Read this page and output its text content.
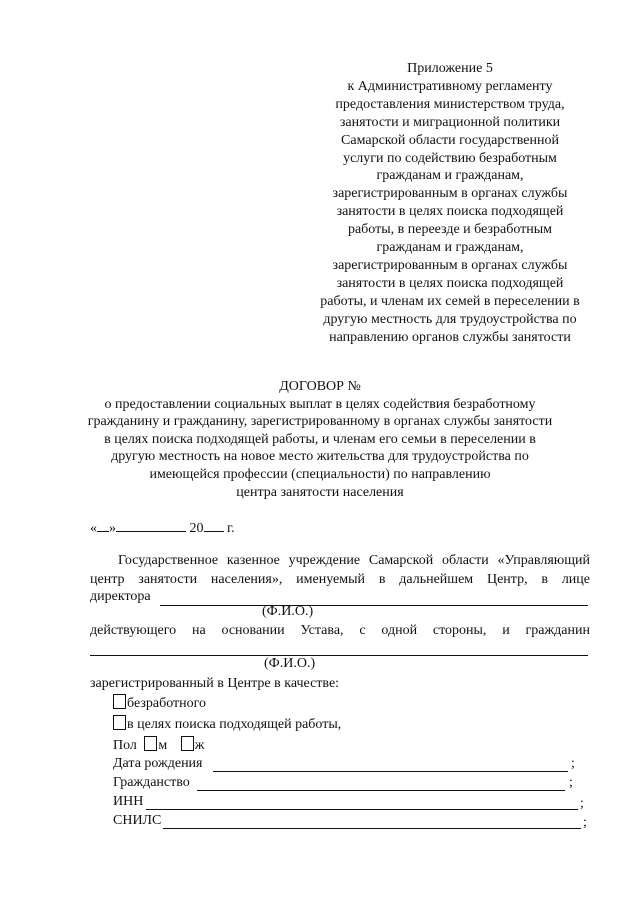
Приложение 5
к Административному регламенту
предоставления министерством труда,
занятости и миграционной политики
Самарской области государственной
услуги по содействию безработным
гражданам и гражданам,
зарегистрированным в органах службы
занятости в целях поиска подходящей
работы, в переезде и безработным
гражданам и гражданам,
зарегистрированным в органах службы
занятости в целях поиска подходящей
работы, и членам их семей в переселении в
другую местность для трудоустройства по
направлению органов службы занятости
ДОГОВОР №
о предоставлении социальных выплат в целях содействия безработному
гражданину и гражданину, зарегистрированному в органах службы занятости
в целях поиска подходящей работы, и членам его семьи в переселении в
другую местность на новое место жительства для трудоустройства по
имеющейся профессии (специальности) по направлению
центра занятости населения
« »	20 г.
Государственное казенное учреждение Самарской области «Управляющий
центр занятости населения», именуемый в дальнейшем Центр, в лице
директора
(Ф.И.О.)
действующего на основании Устава, с одной стороны, и гражданин
(Ф.И.О.)
зарегистрированный в Центре в качестве:
безработного
в целях поиска подходящей работы,
Пол м ж
Дата рождения	;
Гражданство	;
ИНН	;
СНИЛС	;
